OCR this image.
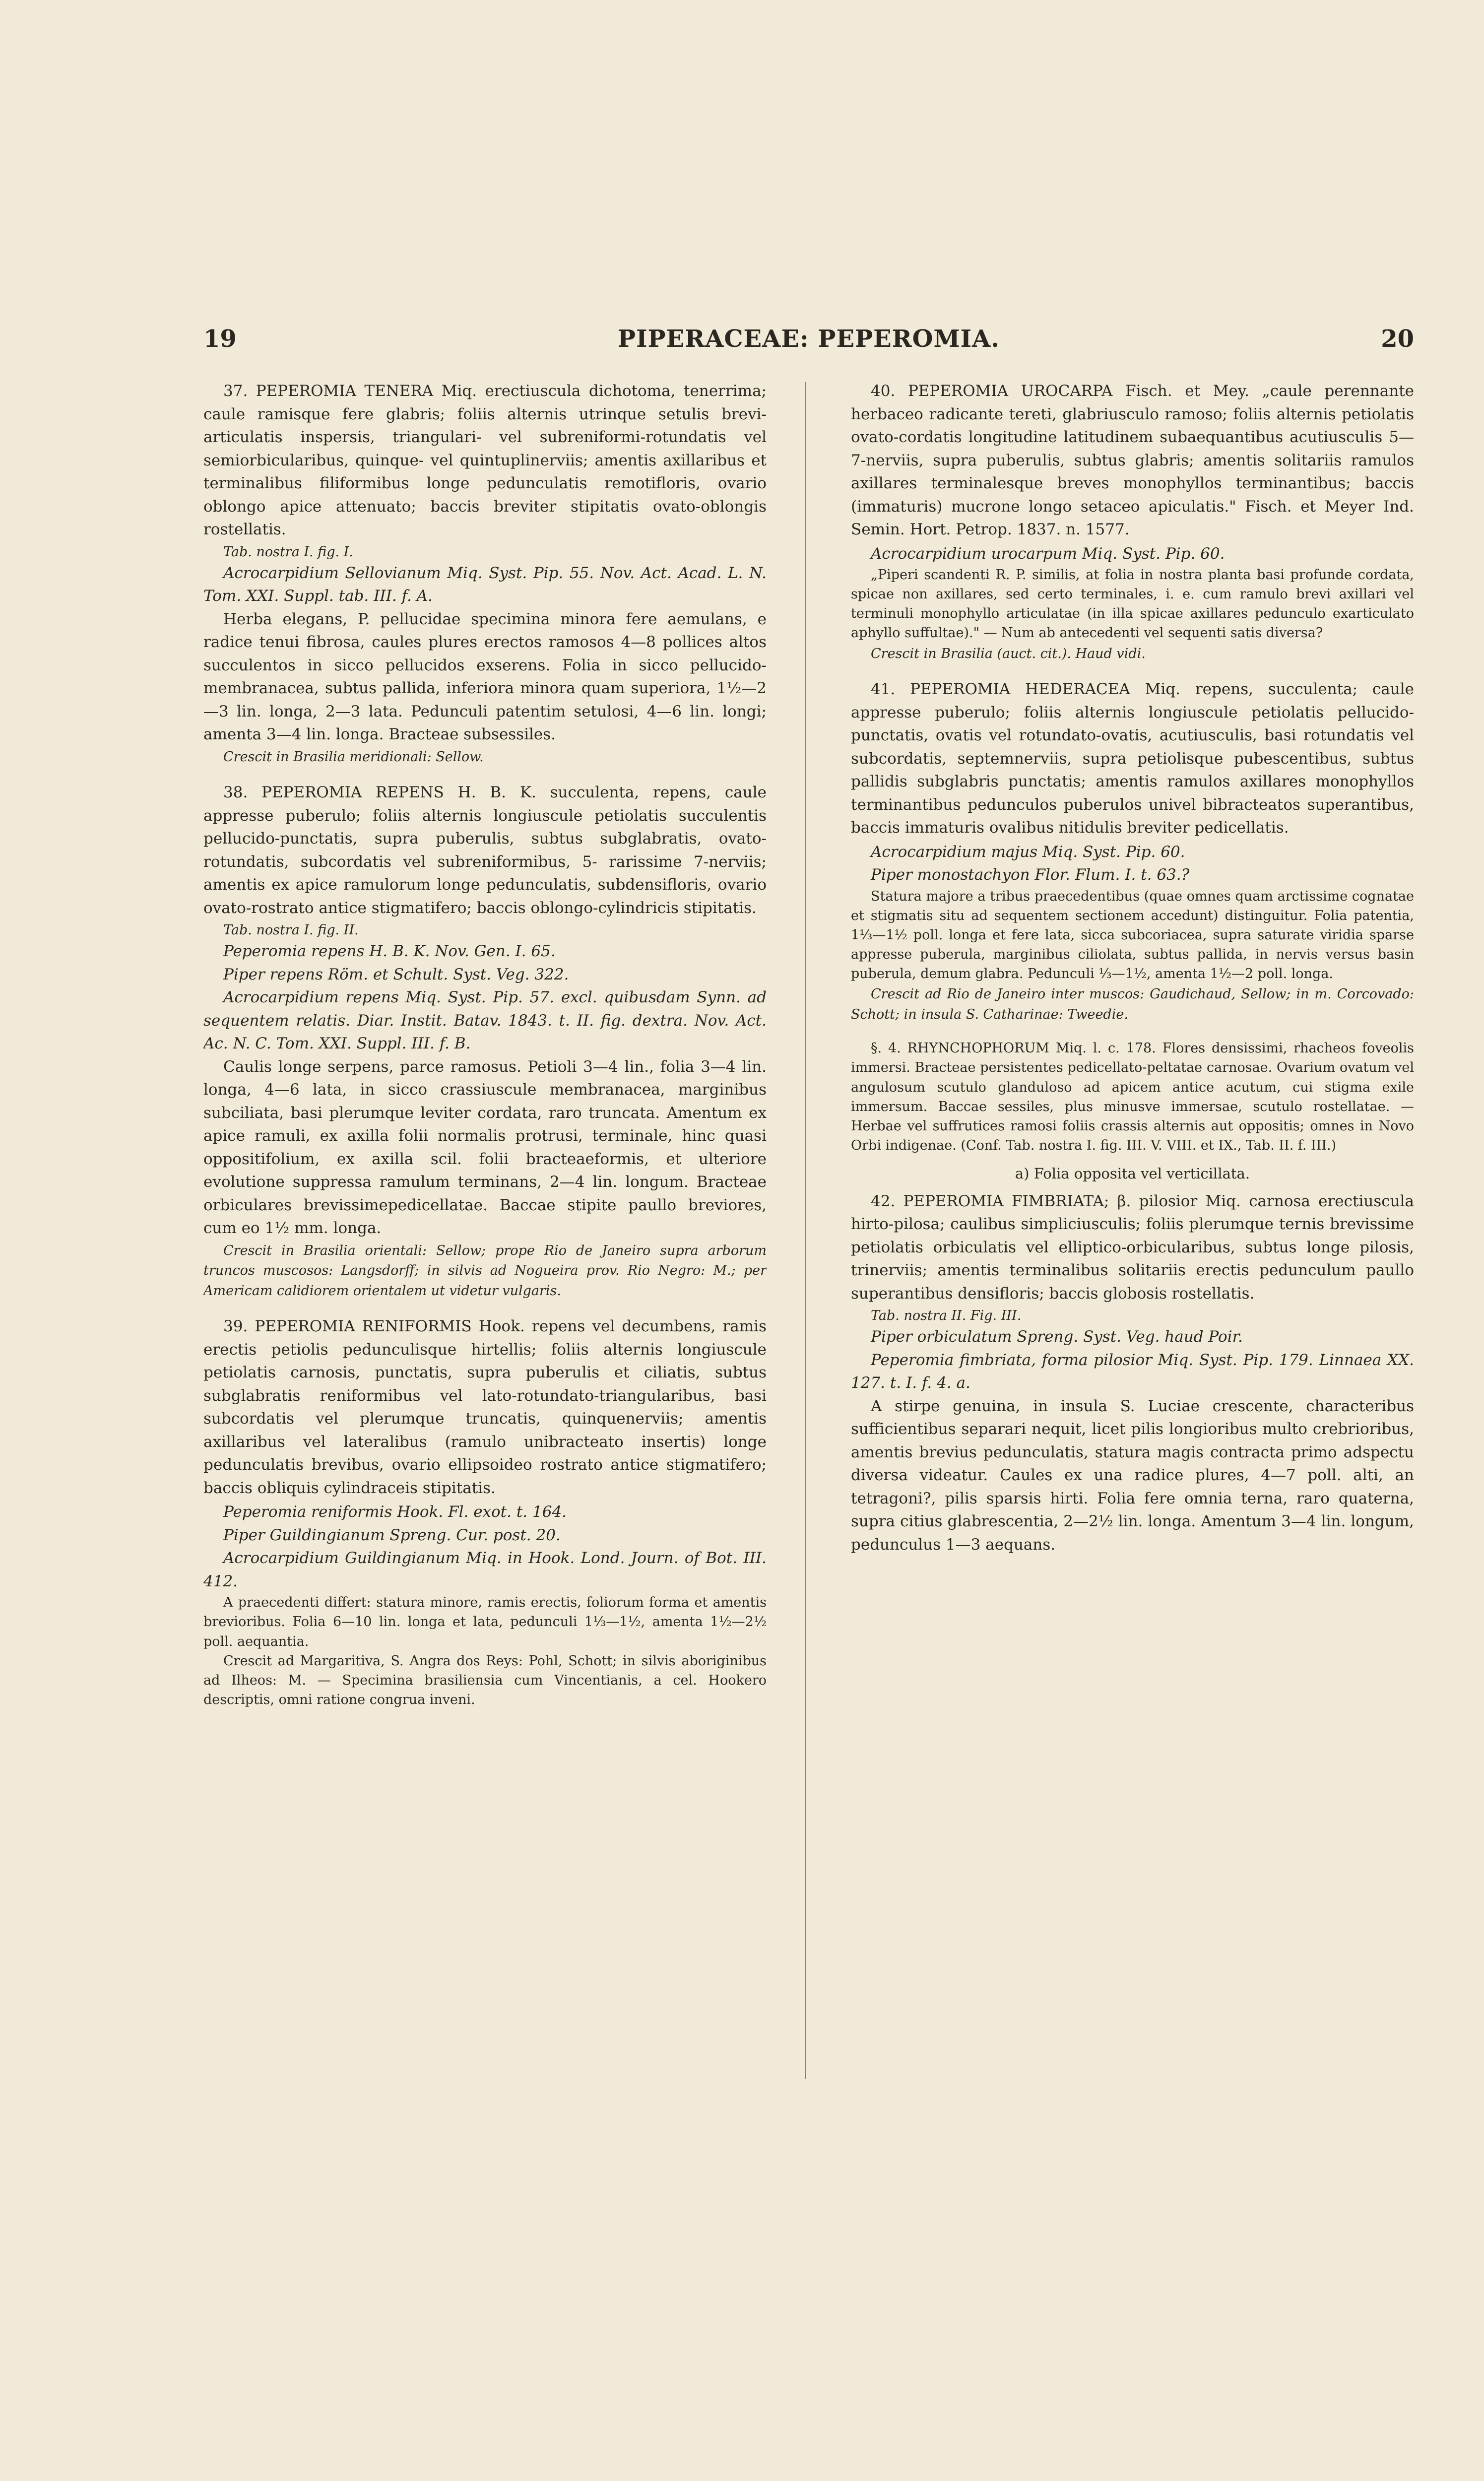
19	PIPERACEAE: PEPEROMIA.	20

37. PEPEROMIA TENERA Miq. erectiuscula dichotoma, tenerrima; caule ramisque fere glabris; foliis alternis utrinque setulis brevi-articulatis inspersis, triangulari- vel subreniformi-rotundatis vel semiorbicularibus, quinque- vel quintuplinerviis; amentis axillaribus et terminalibus filiformibus longe pedunculatis remotifloris, ovario oblongo apice attenuato; baccis breviter stipitatis ovato-oblongis rostellatis.

Tab. nostra I. fig. I.

Acrocarpidium Sellovianum Miq. Syst. Pip. 55. Nov. Act. Acad. L. N. Tom. XXI. Suppl. tab. III. f. A.

Herba elegans, P. pellucidae specimina minora fere aemulans, e radice tenui fibrosa, caules plures erectos ramosos 4—8 pollices altos succulentos in sicco pellucidos exserens. Folia in sicco pellucido-membranacea, subtus pallida, inferiora minora quam superiora, 1½—2—3 lin. longa, 2—3 lata. Pedunculi patentim setulosi, 4—6 lin. longi; amenta 3—4 lin. longa. Bracteae subsessiles.

Crescit in Brasilia meridionali: Sellow.

38. PEPEROMIA REPENS H. B. K. succulenta, repens, caule appresse puberulo; foliis alternis longiuscule petiolatis succulentis pellucido-punctatis, supra puberulis, subtus subglabratis, ovato-rotundatis, subcordatis vel subreniformibus, 5- rarissime 7-nerviis; amentis ex apice ramulorum longe pedunculatis, subdensifloris, ovario ovato-rostrato antice stigmatifero; baccis oblongo-cylindricis stipitatis.

Tab. nostra I. fig. II.

Peperomia repens H. B. K. Nov. Gen. I. 65.

Piper repens Röm. et Schult. Syst. Veg. 322.

Acrocarpidium repens Miq. Syst. Pip. 57. excl. quibusdam Synn. ad sequentem relatis. Diar. Instit. Batav. 1843. t. II. fig. dextra. Nov. Act. Ac. N. C. Tom. XXI. Suppl. III. f. B.

Caulis longe serpens, parce ramosus. Petioli 3—4 lin., folia 3—4 lin. longa, 4—6 lata, in sicco crassiuscule membranacea, marginibus subciliata, basi plerumque leviter cordata, raro truncata. Amentum ex apice ramuli, ex axilla folii normalis protrusi, terminale, hinc quasi oppositifolium, ex axilla scil. folii bracteaeformis, et ulteriore evolutione suppressa ramulum terminans, 2—4 lin. longum. Bracteae orbiculares brevissimepedicellatae. Baccae stipite paullo breviores, cum eo 1½ mm. longa.

Crescit in Brasilia orientali: Sellow; prope Rio de Janeiro supra arborum truncos muscosos: Langsdorff; in silvis ad Nogueira prov. Rio Negro: M.; per Americam calidiorem orientalem ut videtur vulgaris.

39. PEPEROMIA RENIFORMIS Hook. repens vel decumbens, ramis erectis petiolis pedunculisque hirtellis; foliis alternis longiuscule petiolatis carnosis, punctatis, supra puberulis et ciliatis, subtus subglabratis reniformibus vel lato-rotundato-triangularibus, basi subcordatis vel plerumque truncatis, quinquenerviis; amentis axillaribus vel lateralibus (ramulo unibracteato insertis) longe pedunculatis brevibus, ovario ellipsoideo rostrato antice stigmatifero; baccis obliquis cylindraceis stipitatis.

Peperomia reniformis Hook. Fl. exot. t. 164.

Piper Guildingianum Spreng. Cur. post. 20.

Acrocarpidium Guildingianum Miq. in Hook. Lond. Journ. of Bot. III. 412.

A praecedenti differt: statura minore, ramis erectis, foliorum forma et amentis brevioribus. Folia 6—10 lin. longa et lata, pedunculi 1⅓—1½, amenta 1½—2½ poll. aequantia.

Crescit ad Margaritiva, S. Angra dos Reys: Pohl, Schott; in silvis aboriginibus ad Ilheos: M. — Specimina brasiliensia cum Vincentianis, a cel. Hookero descriptis, omni ratione congrua inveni.

40. PEPEROMIA UROCARPA Fisch. et Mey. „caule perennante herbaceo radicante tereti, glabriusculo ramoso; foliis alternis petiolatis ovato-cordatis longitudine latitudinem subaequantibus acutiusculis 5—7-nerviis, supra puberulis, subtus glabris; amentis solitariis ramulos axillares terminalesque breves monophyllos terminantibus; baccis (immaturis) mucrone longo setaceo apiculatis." Fisch. et Meyer Ind. Semin. Hort. Petrop. 1837. n. 1577.

Acrocarpidium urocarpum Miq. Syst. Pip. 60.

„Piperi scandenti R. P. similis, at folia in nostra planta basi profunde cordata, spicae non axillares, sed certo terminales, i. e. cum ramulo brevi axillari vel terminuli monophyllo articulatae (in illa spicae axillares pedunculo exarticulato aphyllo suffultae)." — Num ab antecedenti vel sequenti satis diversa?

Crescit in Brasilia (auct. cit.). Haud vidi.

41. PEPEROMIA HEDERACEA Miq. repens, succulenta; caule appresse puberulo; foliis alternis longiuscule petiolatis pellucido-punctatis, ovatis vel rotundato-ovatis, acutiusculis, basi rotundatis vel subcordatis, septemnerviis, supra petiolisque pubescentibus, subtus pallidis subglabris punctatis; amentis ramulos axillares monophyllos terminantibus pedunculos puberulos univel bibracteatos superantibus, baccis immaturis ovalibus nitidulis breviter pedicellatis.

Acrocarpidium majus Miq. Syst. Pip. 60.

Piper monostachyon Flor. Flum. I. t. 63.?

Statura majore a tribus praecedentibus (quae omnes quam arctissime cognatae et stigmatis situ ad sequentem sectionem accedunt) distinguitur. Folia patentia, 1⅓—1½ poll. longa et fere lata, sicca subcoriacea, supra saturate viridia sparse appresse puberula, marginibus ciliolata, subtus pallida, in nervis versus basin puberula, demum glabra. Pedunculi ⅓—1½, amenta 1½—2 poll. longa.

Crescit ad Rio de Janeiro inter muscos: Gaudichaud, Sellow; in m. Corcovado: Schott; in insula S. Catharinae: Tweedie.

§. 4. RHYNCHOPHORUM Miq. l. c. 178. Flores densissimi, rhacheos foveolis immersi. Bracteae persistentes pedicellato-peltatae carnosae. Ovarium ovatum vel angulosum scutulo glanduloso ad apicem antice acutum, cui stigma exile immersum. Baccae sessiles, plus minusve immersae, scutulo rostellatae. — Herbae vel suffrutices ramosi foliis crassis alternis aut oppositis; omnes in Novo Orbi indigenae. (Conf. Tab. nostra I. fig. III. V. VIII. et IX., Tab. II. f. III.)

a) Folia opposita vel verticillata.

42. PEPEROMIA FIMBRIATA; β. pilosior Miq. carnosa erectiuscula hirto-pilosa; caulibus simpliciusculis; foliis plerumque ternis brevissime petiolatis orbiculatis vel elliptico-orbicularibus, subtus longe pilosis, trinerviis; amentis terminalibus solitariis erectis pedunculum paullo superantibus densifloris; baccis globosis rostellatis.

Tab. nostra II. Fig. III.

Piper orbiculatum Spreng. Syst. Veg. haud Poir.

Peperomia fimbriata, forma pilosior Miq. Syst. Pip. 179. Linnaea XX. 127. t. I. f. 4. a.

A stirpe genuina, in insula S. Luciae crescente, characteribus sufficientibus separari nequit, licet pilis longioribus multo crebrioribus, amentis brevius pedunculatis, statura magis contracta primo adspectu diversa videatur. Caules ex una radice plures, 4—7 poll. alti, an tetragoni?, pilis sparsis hirti. Folia fere omnia terna, raro quaterna, supra citius glabrescentia, 2—2½ lin. longa. Amentum 3—4 lin. longum, pedunculus 1—3 aequans.
